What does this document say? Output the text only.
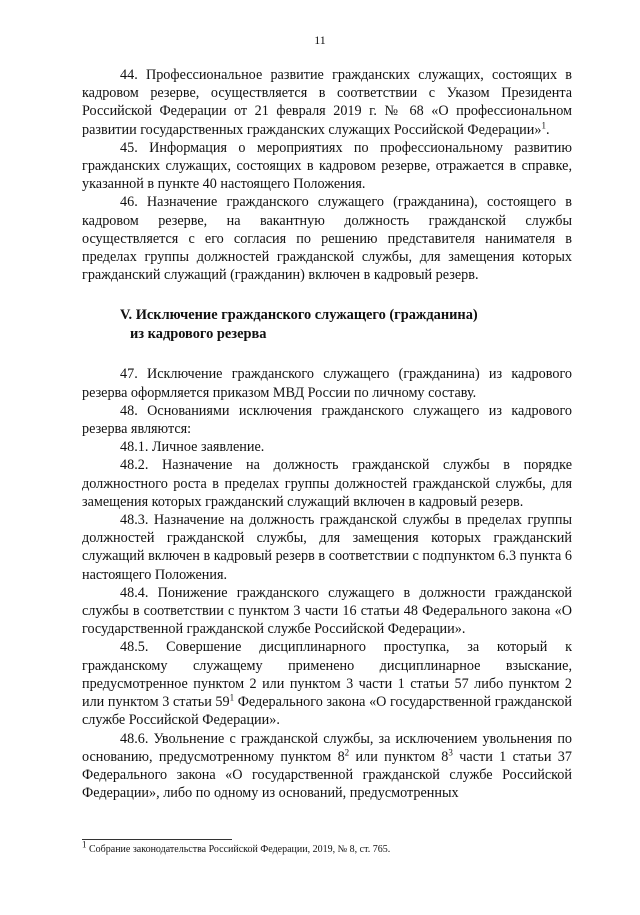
11

44. Профессиональное развитие гражданских служащих, состоящих в кадровом резерве, осуществляется в соответствии с Указом Президента Российской Федерации от 21 февраля 2019 г. № 68 «О профессиональном развитии государственных гражданских служащих Российской Федерации»$^1$.

45. Информация о мероприятиях по профессиональному развитию гражданских служащих, состоящих в кадровом резерве, отражается в справке, указанной в пункте 40 настоящего Положения.

46. Назначение гражданского служащего (гражданина), состоящего в кадровом резерве, на вакантную должность гражданской службы осуществляется с его согласия по решению представителя нанимателя в пределах группы должностей гражданской службы, для замещения которых гражданский служащий (гражданин) включен в кадровый резерв.

V. Исключение гражданского служащего (гражданина)
из кадрового резерва

47. Исключение гражданского служащего (гражданина) из кадрового резерва оформляется приказом МВД России по личному составу.

48. Основаниями исключения гражданского служащего из кадрового резерва являются:

48.1. Личное заявление.

48.2. Назначение на должность гражданской службы в порядке должностного роста в пределах группы должностей гражданской службы, для замещения которых гражданский служащий включен в кадровый резерв.

48.3. Назначение на должность гражданской службы в пределах группы должностей гражданской службы, для замещения которых гражданский служащий включен в кадровый резерв в соответствии с подпунктом 6.3 пункта 6 настоящего Положения.

48.4. Понижение гражданского служащего в должности гражданской службы в соответствии с пунктом 3 части 16 статьи 48 Федерального закона «О государственной гражданской службе Российской Федерации».

48.5. Совершение дисциплинарного проступка, за который к гражданскому служащему применено дисциплинарное взыскание, предусмотренное пунктом 2 или пунктом 3 части 1 статьи 57 либо пунктом 2 или пунктом 3 статьи $59^1$ Федерального закона «О государственной гражданской службе Российской Федерации».

48.6. Увольнение с гражданской службы, за исключением увольнения по основанию, предусмотренному пунктом $8^2$ или пунктом $8^3$ части 1 статьи 37 Федерального закона «О государственной гражданской службе Российской Федерации», либо по одному из оснований, предусмотренных

$^1$ Собрание законодательства Российской Федерации, 2019, № 8, ст. 765.
